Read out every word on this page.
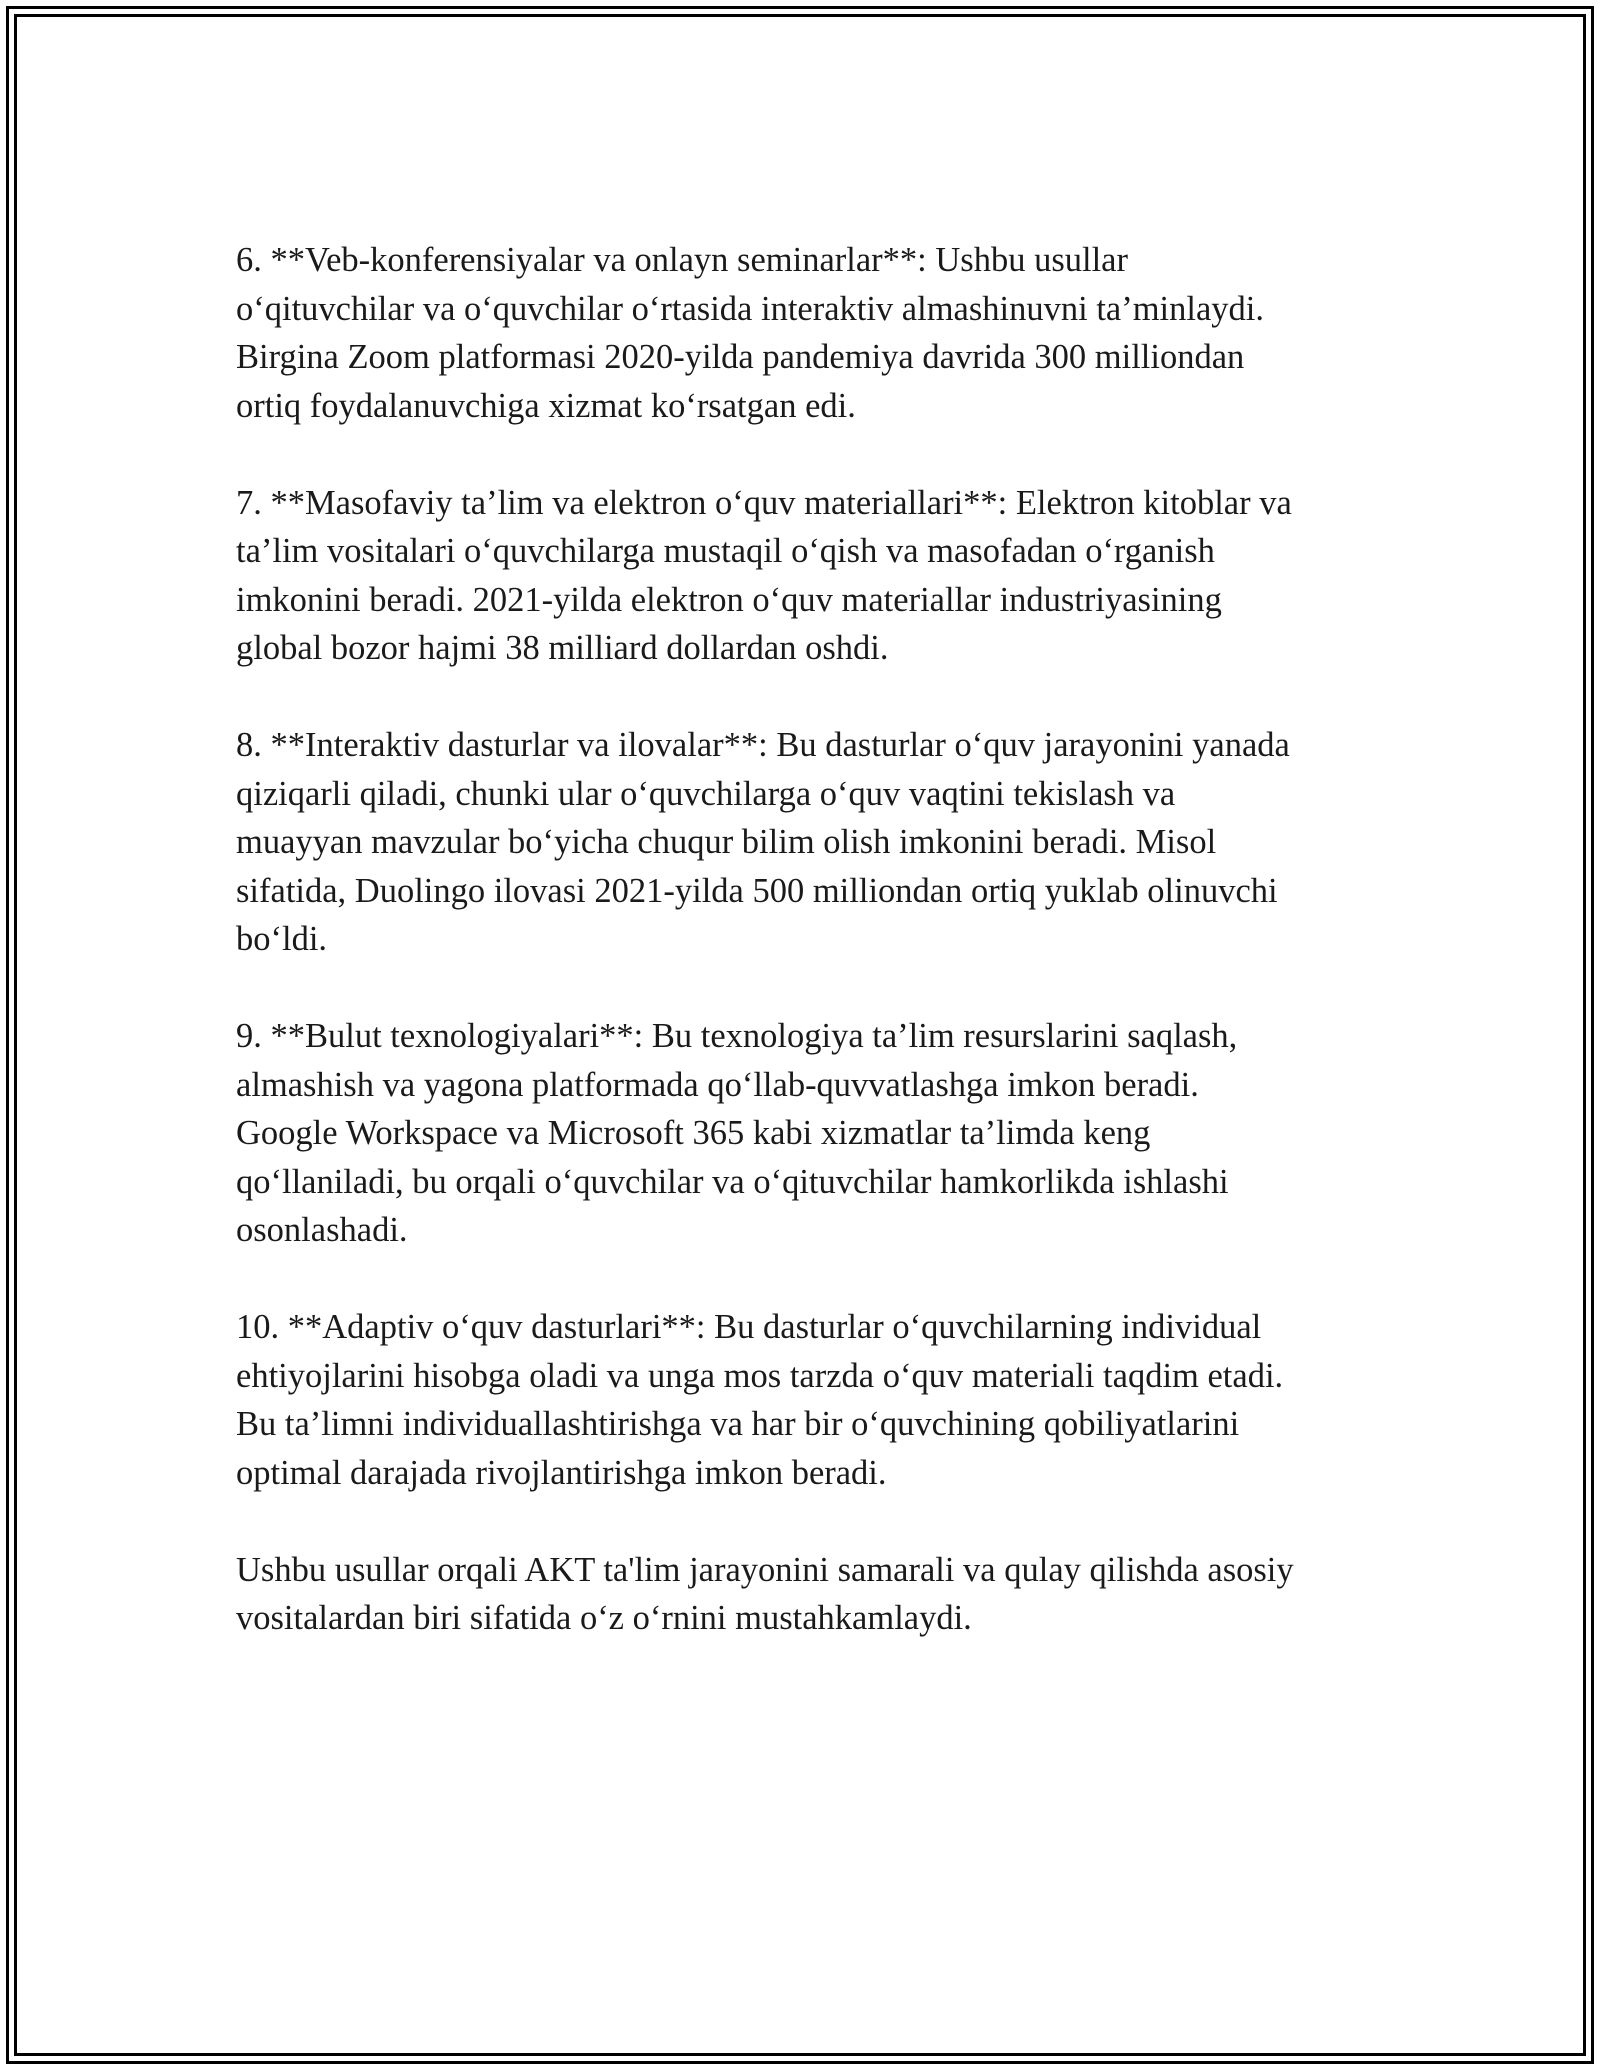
6. **Veb-konferensiyalar va onlayn seminarlar**: Ushbu usullar
o‘qituvchilar va o‘quvchilar o‘rtasida interaktiv almashinuvni ta’minlaydi.
Birgina Zoom platformasi 2020-yilda pandemiya davrida 300 milliondan
ortiq foydalanuvchiga xizmat ko‘rsatgan edi.

7. **Masofaviy ta’lim va elektron o‘quv materiallari**: Elektron kitoblar va
ta’lim vositalari o‘quvchilarga mustaqil o‘qish va masofadan o‘rganish
imkonini beradi. 2021-yilda elektron o‘quv materiallar industriyasining
global bozor hajmi 38 milliard dollardan oshdi.

8. **Interaktiv dasturlar va ilovalar**: Bu dasturlar o‘quv jarayonini yanada
qiziqarli qiladi, chunki ular o‘quvchilarga o‘quv vaqtini tekislash va
muayyan mavzular bo‘yicha chuqur bilim olish imkonini beradi. Misol
sifatida, Duolingo ilovasi 2021-yilda 500 milliondan ortiq yuklab olinuvchi
bo‘ldi.

9. **Bulut texnologiyalari**: Bu texnologiya ta’lim resurslarini saqlash,
almashish va yagona platformada qo‘llab-quvvatlashga imkon beradi.
Google Workspace va Microsoft 365 kabi xizmatlar ta’limda keng
qo‘llaniladi, bu orqali o‘quvchilar va o‘qituvchilar hamkorlikda ishlashi
osonlashadi.

10. **Adaptiv o‘quv dasturlari**: Bu dasturlar o‘quvchilarning individual
ehtiyojlarini hisobga oladi va unga mos tarzda o‘quv materiali taqdim etadi.
Bu ta’limni individuallashtirishga va har bir o‘quvchining qobiliyatlarini
optimal darajada rivojlantirishga imkon beradi.

Ushbu usullar orqali AKT ta'lim jarayonini samarali va qulay qilishda asosiy
vositalardan biri sifatida o‘z o‘rnini mustahkamlaydi.
